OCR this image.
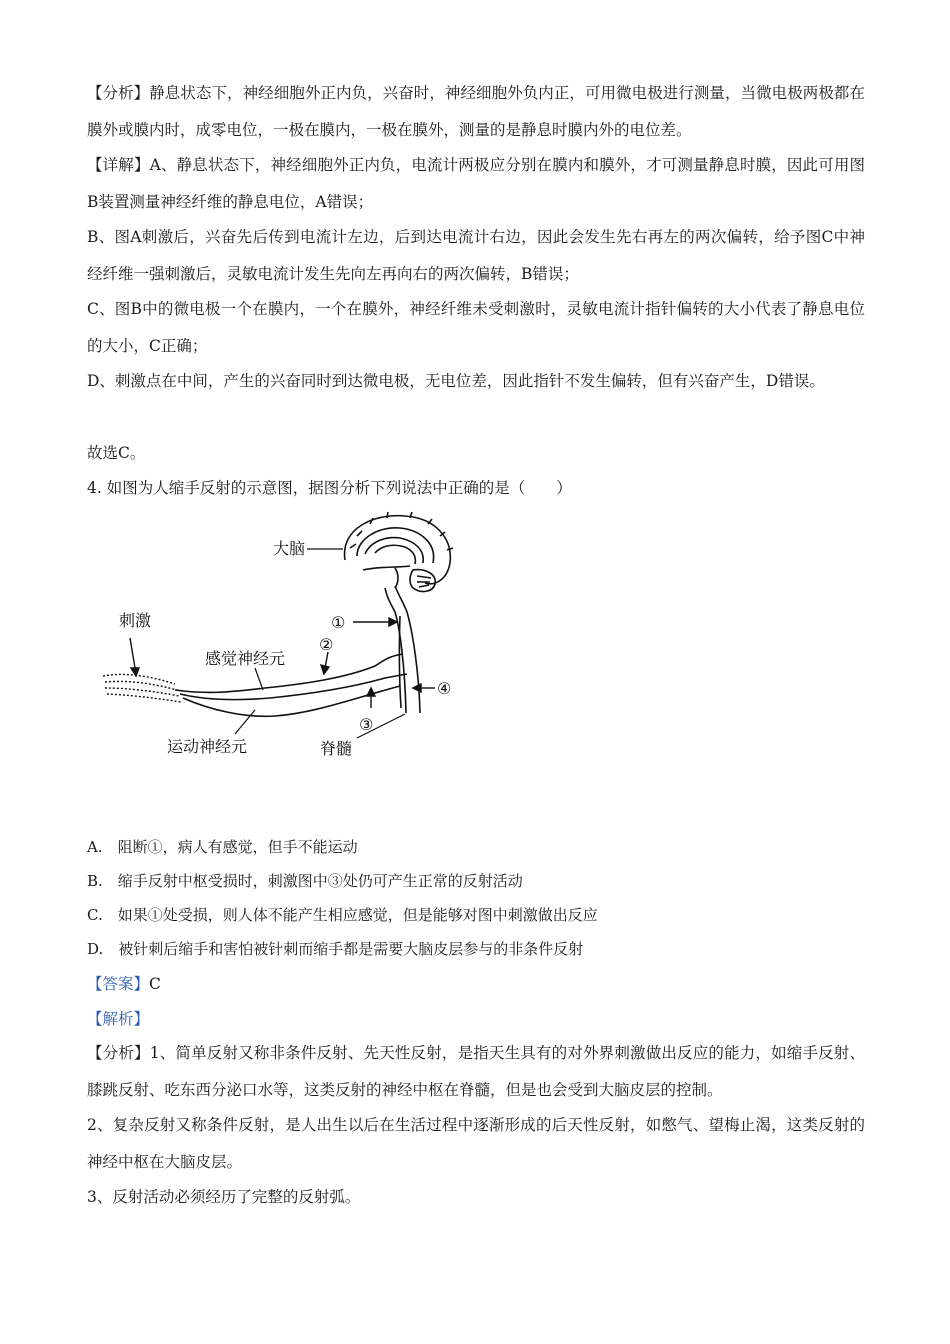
【分析】静息状态下，神经细胞外正内负，兴奋时，神经细胞外负内正，可用微电极进行测量，当微电极两极都在膜外或膜内时，成零电位，一极在膜内，一极在膜外，测量的是静息时膜内外的电位差。
【详解】A、静息状态下，神经细胞外正内负，电流计两极应分别在膜内和膜外，才可测量静息时膜，因此可用图B装置测量神经纤维的静息电位，A错误；
B、图A刺激后，兴奋先后传到电流计左边，后到达电流计右边，因此会发生先右再左的两次偏转，给予图C中神经纤维一强刺激后，灵敏电流计发生先向左再向右的两次偏转，B错误；
C、图B中的微电极一个在膜内，一个在膜外，神经纤维未受刺激时，灵敏电流计指针偏转的大小代表了静息电位的大小，C正确；
D、刺激点在中间，产生的兴奋同时到达微电极，无电位差，因此指针不发生偏转，但有兴奋产生，D错误。
故选C。
4. 如图为人缩手反射的示意图，据图分析下列说法中正确的是（　　）
大脑
刺激
感觉神经元
运动神经元	脊髓
①
②
③
④
A.　阻断①，病人有感觉，但手不能运动
B.　缩手反射中枢受损时，刺激图中③处仍可产生正常的反射活动
C.　如果①处受损，则人体不能产生相应感觉，但是能够对图中刺激做出反应
D.　被针刺后缩手和害怕被针刺而缩手都是需要大脑皮层参与的非条件反射
【答案】C
【解析】
【分析】1、简单反射又称非条件反射、先天性反射，是指天生具有的对外界刺激做出反应的能力，如缩手反射、膝跳反射、吃东西分泌口水等，这类反射的神经中枢在脊髓，但是也会受到大脑皮层的控制。
2、复杂反射又称条件反射，是人出生以后在生活过程中逐渐形成的后天性反射，如憋气、望梅止渴，这类反射的神经中枢在大脑皮层。
3、反射活动必须经历了完整的反射弧。
